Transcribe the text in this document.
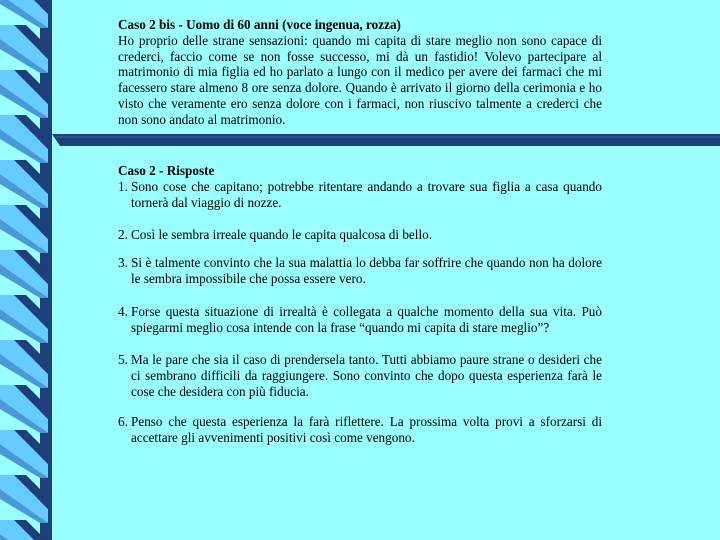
Caso 2 bis - Uomo di 60 anni (voce ingenua, rozza)
Ho proprio delle strane sensazioni: quando mi capita di stare meglio non sono capace di crederci, faccio come se non fosse successo, mi dà un fastidio! Volevo partecipare al matrimonio di mia figlia ed ho parlato a lungo con il medico per avere dei farmaci che mi facessero stare almeno 8 ore senza dolore. Quando è arrivato il giorno della cerimonia e ho visto che veramente ero senza dolore con i farmaci, non riuscivo talmente a crederci che non sono andato al matrimonio.
Caso 2 - Risposte
1. Sono cose che capitano; potrebbe ritentare andando a trovare sua figlia a casa quando tornerà dal viaggio di nozze.
2. Così le sembra irreale quando le capita qualcosa di bello.
3. Si è talmente convinto che la sua malattia lo debba far soffrire che quando non ha dolore le sembra impossibile che possa essere vero.
4. Forse questa situazione di irrealtà è collegata a qualche momento della sua vita. Può spiegarmi meglio cosa intende con la frase “quando mi capita di stare meglio”?
5. Ma le pare che sia il caso di prendersela tanto. Tutti abbiamo paure strane o desideri che ci sembrano difficili da raggiungere. Sono convinto che dopo questa esperienza farà le cose che desidera con più fiducia.
6. Penso che questa esperienza la farà riflettere. La prossima volta provi a sforzarsi di accettare gli avvenimenti positivi così come vengono.
